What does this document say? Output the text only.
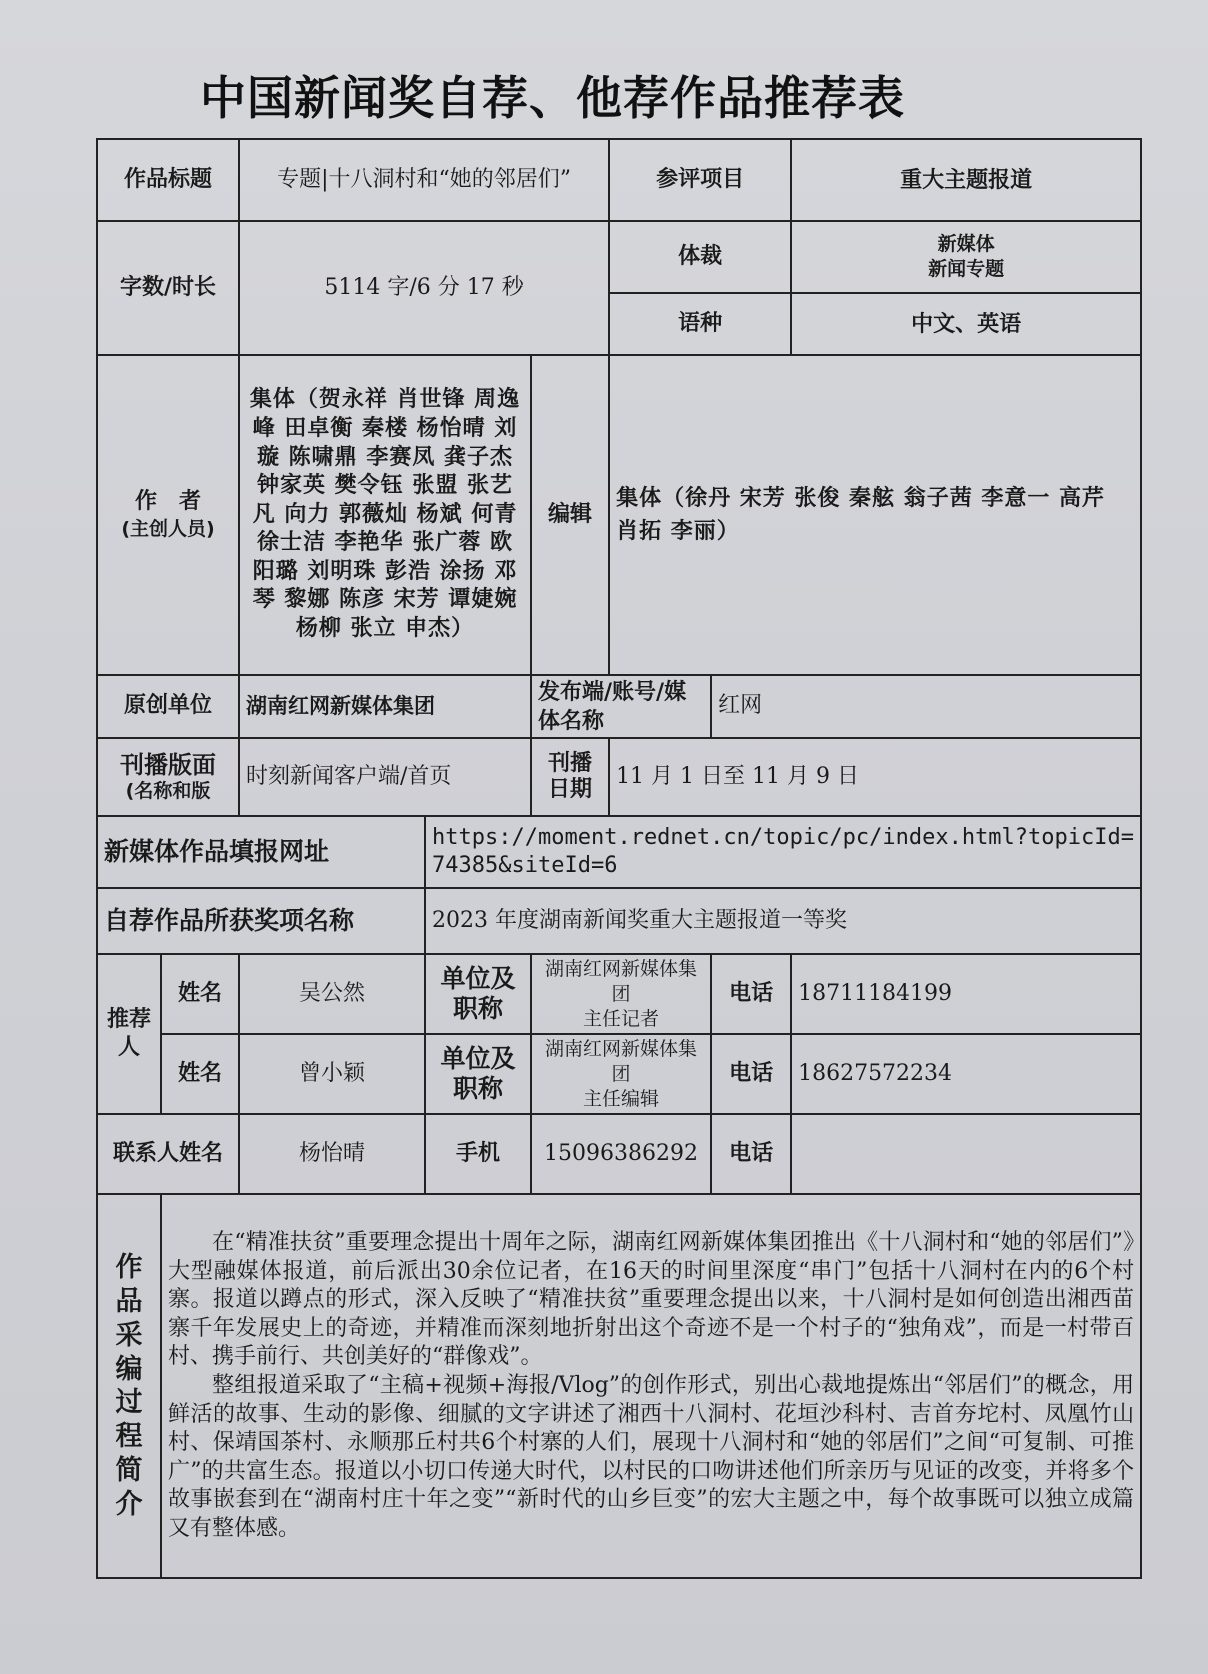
中国新闻奖自荐、他荐作品推荐表
作品标题		专题|十八洞村和“她的邻居们”			参评项目		重大主题报道
字数/时长		5114 字/6 分 17 秒			体裁		新媒体
新闻专题

					语种		中文、英语

作　者
(主创人员)		集体（贺永祥 肖世锋 周逸峰 田卓衡 秦楼 杨怡晴 刘璇 陈啸鼎 李赛凤 龚子杰 钟家英 樊令钰 张盟 张艺凡 向力 郭薇灿 杨斌 何青 徐士洁 李艳华 张广蓉 欧阳璐 刘明珠 彭浩 涂扬 邓琴 黎娜 陈彦 宋芳 谭婕婉 杨柳 张立 申杰）		编辑	集体（徐丹 宋芳 张俊 秦舷 翁子茜 李意一 高芹 肖拓 李丽）		
原创单位		湖南红网新媒体集团		发布端/账号/媒体名称		红网	

刊播版面
(名称和版		时刻新闻客户端/首页		刊播
日期	11 月 1 日至 11 月 9 日		
新媒体作品填报网址			https://moment.rednet.cn/topic/pc/index.html?topicId=
74385&siteId=6				

自荐作品所获奖项名称			2023 年度湖南新闻奖重大主题报道一等奖				
推荐人	姓名	吴公然	单位及职称	湖南红网新媒体集团
主任记者		电话	18711184199
	姓名	曾小颖	单位及职称	湖南红网新媒体集团
主任编辑		电话	18627572234
联系人姓名		杨怡晴	手机	15096386292		电话	
作品采编过程简介	在“精准扶贫”重要理念提出十周年之际，湖南红网新媒体集团推出《十八洞村和“她的邻居们”》大型融媒体报道，前后派出30余位记者，在16天的时间里深度“串门”包括十八洞村在内的6个村寨。报道以蹲点的形式，深入反映了“精准扶贫”重要理念提出以来，十八洞村是如何创造出湘西苗寨千年发展史上的奇迹，并精准而深刻地折射出这个奇迹不是一个村子的“独角戏”，而是一村带百村、携手前行、共创美好的“群像戏”。

整组报道采取了“主稿+视频+海报/Vlog”的创作形式，别出心裁地提炼出“邻居们”的概念，用鲜活的故事、生动的影像、细腻的文字讲述了湘西十八洞村、花垣沙科村、吉首夯坨村、凤凰竹山村、保靖国茶村、永顺那丘村共6个村寨的人们，展现十八洞村和“她的邻居们”之间“可复制、可推广”的共富生态。报道以小切口传递大时代，以村民的口吻讲述他们所亲历与见证的改变，并将多个故事嵌套到在“湖南村庄十年之变”“新时代的山乡巨变”的宏大主题之中，每个故事既可以独立成篇又有整体感。						
